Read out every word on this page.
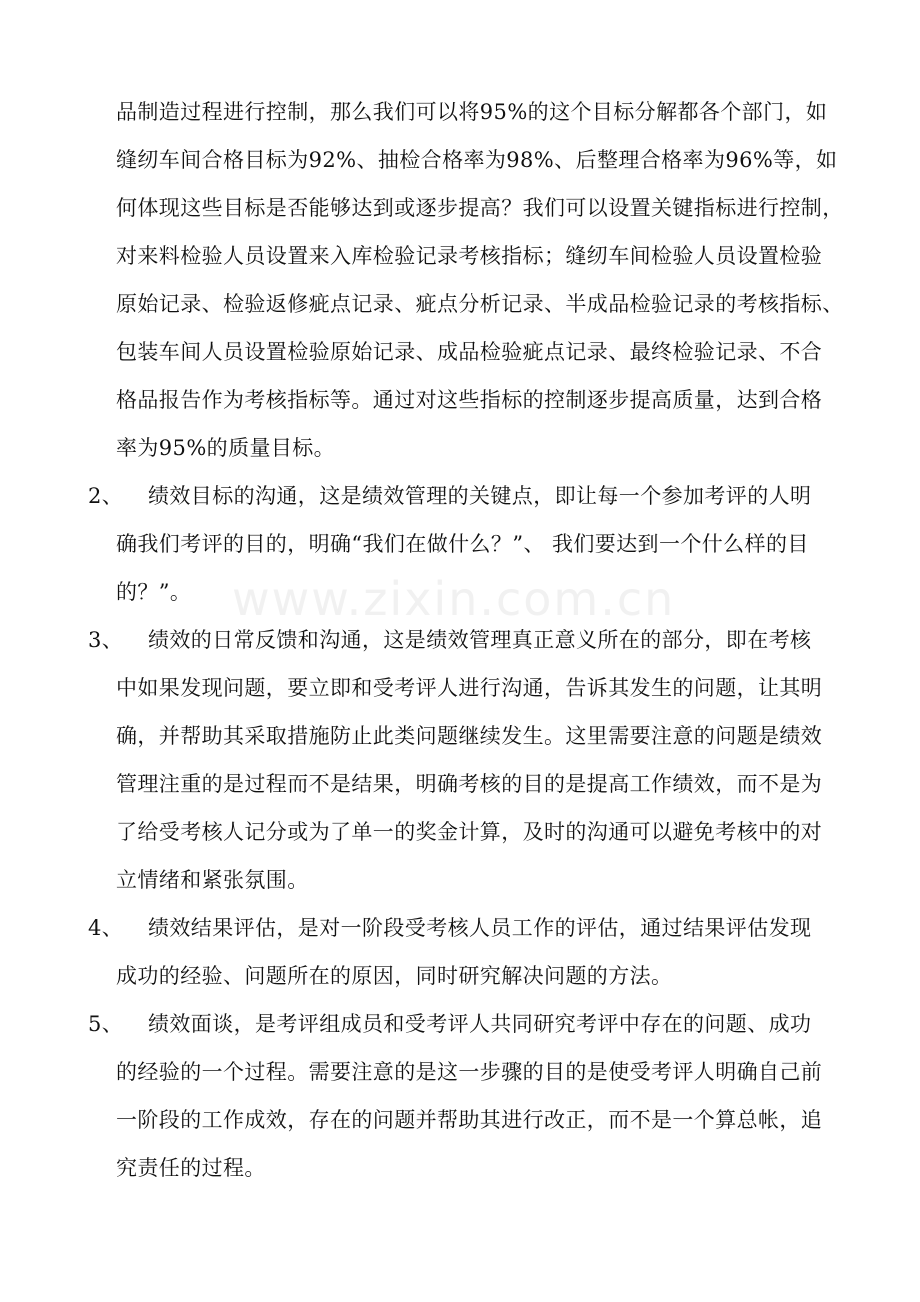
www.zixin.com.cn
品制造过程进行控制，那么我们可以将95%的这个目标分解都各个部门，如
缝纫车间合格目标为92%、抽检合格率为98%、后整理合格率为96%等，如
何体现这些目标是否能够达到或逐步提高？我们可以设置关键指标进行控制，
对来料检验人员设置来入库检验记录考核指标；缝纫车间检验人员设置检验
原始记录、检验返修疵点记录、疵点分析记录、半成品检验记录的考核指标、
包装车间人员设置检验原始记录、成品检验疵点记录、最终检验记录、不合
格品报告作为考核指标等。通过对这些指标的控制逐步提高质量，达到合格
率为95%的质量目标。
2、 绩效目标的沟通，这是绩效管理的关键点，即让每一个参加考评的人明
确我们考评的目的，明确“我们在做什么？”、 我们要达到一个什么样的目
的？”。
3、 绩效的日常反馈和沟通，这是绩效管理真正意义所在的部分，即在考核
中如果发现问题，要立即和受考评人进行沟通，告诉其发生的问题，让其明
确，并帮助其采取措施防止此类问题继续发生。这里需要注意的问题是绩效
管理注重的是过程而不是结果，明确考核的目的是提高工作绩效，而不是为
了给受考核人记分或为了单一的奖金计算，及时的沟通可以避免考核中的对
立情绪和紧张氛围。
4、 绩效结果评估，是对一阶段受考核人员工作的评估，通过结果评估发现
成功的经验、问题所在的原因，同时研究解决问题的方法。
5、 绩效面谈，是考评组成员和受考评人共同研究考评中存在的问题、成功
的经验的一个过程。需要注意的是这一步骤的目的是使受考评人明确自己前
一阶段的工作成效，存在的问题并帮助其进行改正，而不是一个算总帐，追
究责任的过程。
